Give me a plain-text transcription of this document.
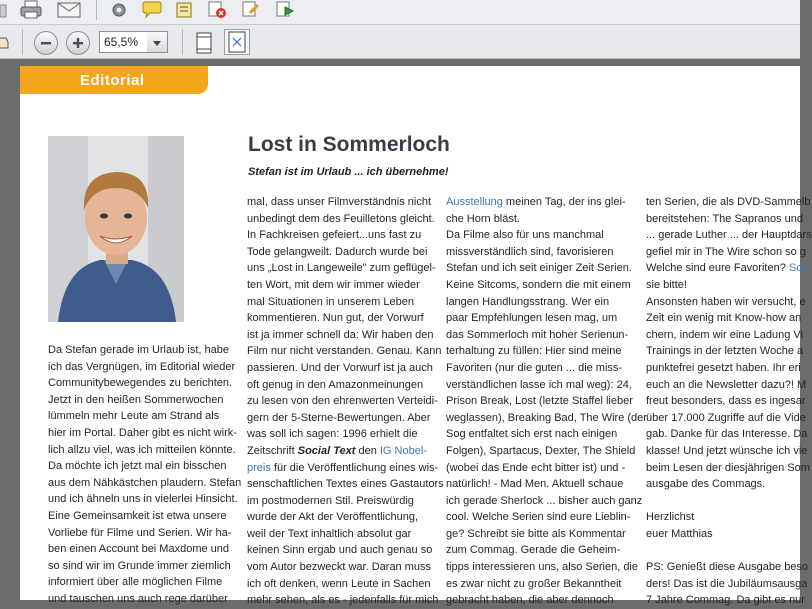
65,5%
Editorial
Lost in Sommerloch
Stefan ist im Urlaub ... ich übernehme!
Da Stefan gerade im Urlaub ist, habe
ich das Vergnügen, im Editorial wieder
Communitybewegendes zu berichten.
Jetzt in den heißen Sommerwochen
lümmeln mehr Leute am Strand als
hier im Portal. Daher gibt es nicht wirk-
lich allzu viel, was ich mitteilen könnte.
Da möchte ich jetzt mal ein bisschen
aus dem Nähkästchen plaudern. Stefan
und ich ähneln uns in vielerlei Hinsicht.
Eine Gemeinsamkeit ist etwa unsere
Vorliebe für Filme und Serien. Wir ha-
ben einen Account bei Maxdome und
so sind wir im Grunde immer ziemlich
informiert über alle möglichen Filme
und tauschen uns auch rege darüber
mal, dass unser Filmverständnis nicht
unbedingt dem des Feuilletons gleicht.
In Fachkreisen gefeiert...uns fast zu
Tode gelangweilt. Dadurch wurde bei
uns „Lost in Langeweile" zum geflügel-
ten Wort, mit dem wir immer wieder
mal Situationen in unserem Leben
kommentieren. Nun gut, der Vorwurf
ist ja immer schnell da: Wir haben den
Film nur nicht verstanden. Genau. Kann
passieren. Und der Vorwurf ist ja auch
oft genug in den Amazonmeinungen
zu lesen von den ehrenwerten Verteidi-
gern der 5-Sterne-Bewertungen. Aber
was soll ich sagen: 1996 erhielt die
Zeitschrift Social Text den IG Nobel-
preis für die Veröffentlichung eines wis-
senschaftlichen Textes eines Gastautors
im postmodernen Stil. Preiswürdig
wurde der Akt der Veröffentlichung,
weil der Text inhaltlich absolut gar
keinen Sinn ergab und auch genau so
vom Autor bezweckt war. Daran muss
ich oft denken, wenn Leute in Sachen
mehr sehen, als es - jedenfalls für mich
Ausstellung meinen Tag, der ins glei-
che Horn bläst.
Da Filme also für uns manchmal
missverständlich sind, favorisieren
Stefan und ich seit einiger Zeit Serien.
Keine Sitcoms, sondern die mit einem
langen Handlungsstrang. Wer ein
paar Empfehlungen lesen mag, um
das Sommerloch mit hoher Serienun-
terhaltung zu füllen: Hier sind meine
Favoriten (nur die guten ... die miss-
verständlichen lasse ich mal weg): 24,
Prison Break, Lost (letzte Staffel lieber
weglassen), Breaking Bad, The Wire (der
Sog entfaltet sich erst nach einigen
Folgen), Spartacus, Dexter, The Shield
(wobei das Ende echt bitter ist) und -
natürlich! - Mad Men. Aktuell schaue
ich gerade Sherlock ... bisher auch ganz
cool. Welche Serien sind eure Lieblin-
ge? Schreibt sie bitte als Kommentar
zum Commag. Gerade die Geheim-
tipps interessieren uns, also Serien, die
es zwar nicht zu großer Bekanntheit
gebracht haben, die aber dennoch
ten Serien, die als DVD-Sammelb
bereitstehen: The Sapranos und
... gerade Luther ... der Hauptdars
gefiel mir in The Wire schon so g
Welche sind eure Favoriten? Sch
sie bitte!
Ansonsten haben wir versucht, e
Zeit ein wenig mit Know-how an
chern, indem wir eine Ladung Vi
Trainings in der letzten Woche a
punktefrei gesetzt haben. Ihr eri
euch an die Newsletter dazu?! M
freut besonders, dass es ingesar
über 17.000 Zugriffe auf die Vide
gab. Danke für das Interesse. Da
klasse! Und jetzt wünsche ich vie
beim Lesen der diesjährigen Som
ausgabe des Commags.

Herzlichst
euer Matthias

PS: Genießt diese Ausgabe beso
ders! Das ist die Jubiläumsausga
7 Jahre Commag. Da gibt es nur
